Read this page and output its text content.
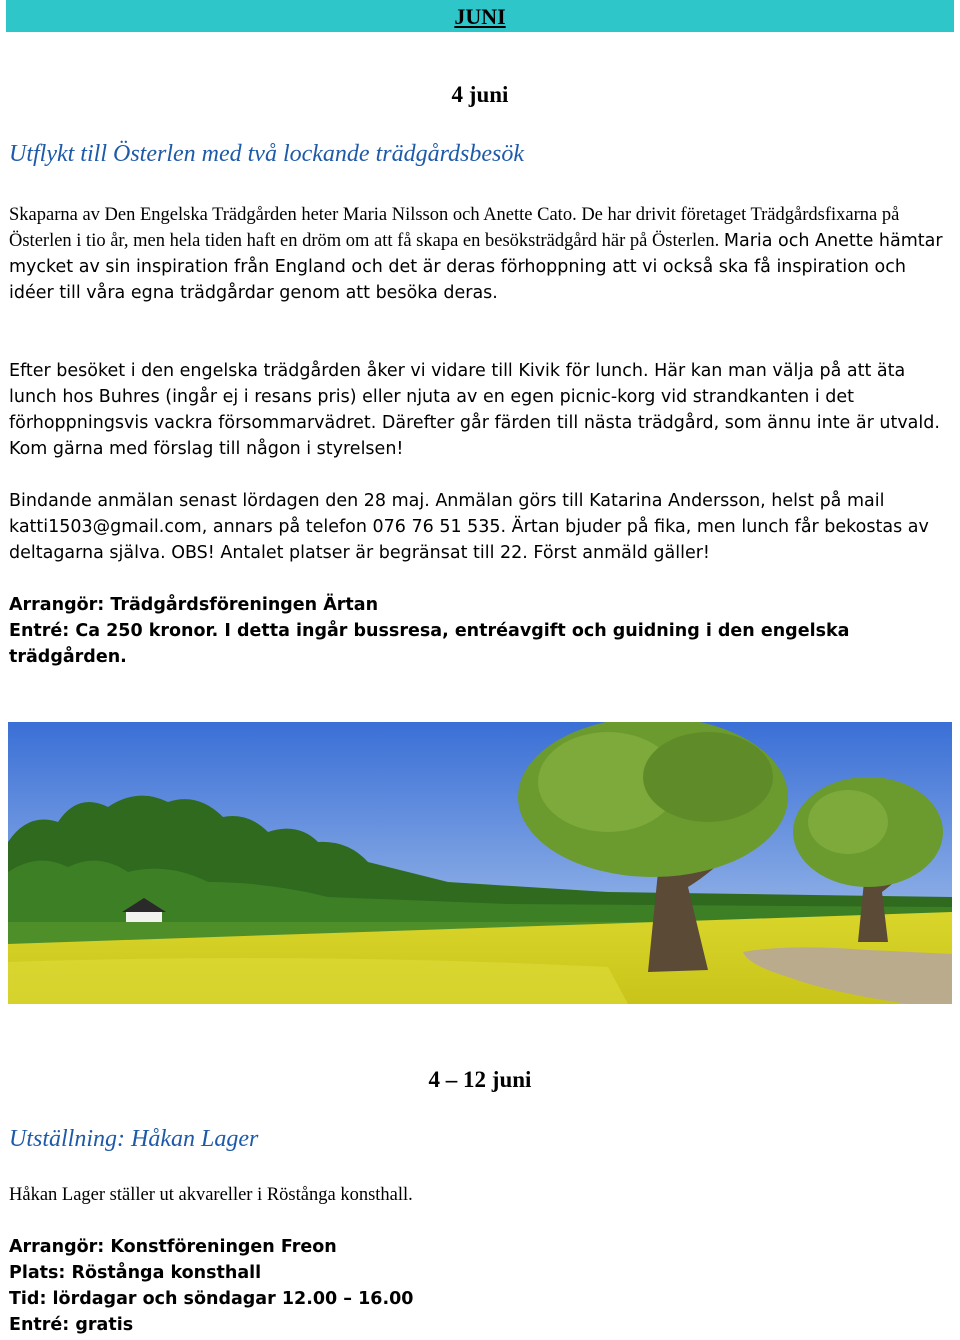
JUNI
4 juni
Utflykt till Österlen med två lockande trädgårdsbesök

Skaparna av Den Engelska Trädgården heter Maria Nilsson och Anette Cato. De har drivit företaget Trädgårdsfixarna på Österlen i tio år, men hela tiden haft en dröm om att få skapa en besöksträdgård här på Österlen. Maria och Anette hämtar mycket av sin inspiration från England och det är deras förhoppning att vi också ska få inspiration och idéer till våra egna trädgårdar genom att besöka deras.

Efter besöket i den engelska trädgården åker vi vidare till Kivik för lunch. Här kan man välja på att äta lunch hos Buhres (ingår ej i resans pris) eller njuta av en egen picnic-korg vid strandkanten i det förhoppningsvis vackra försommarvädret. Därefter går färden till nästa trädgård, som ännu inte är utvald. Kom gärna med förslag till någon i styrelsen!

Bindande anmälan senast lördagen den 28 maj. Anmälan görs till Katarina Andersson, helst på mail katti1503@gmail.com, annars på telefon 076 76 51 535. Ärtan bjuder på fika, men lunch får bekostas av deltagarna själva. OBS! Antalet platser är begränsat till 22. Först anmäld gäller!

Arrangör: Trädgårdsföreningen Ärtan
Entré: Ca 250 kronor. I detta ingår bussresa, entréavgift och guidning i den engelska trädgården.

4 – 12 juni
Utställning: Håkan Lager

Håkan Lager ställer ut akvareller i Röstånga konsthall.

Arrangör: Konstföreningen Freon
Plats: Röstånga konsthall
Tid: lördagar och söndagar 12.00 – 16.00
Entré: gratis
